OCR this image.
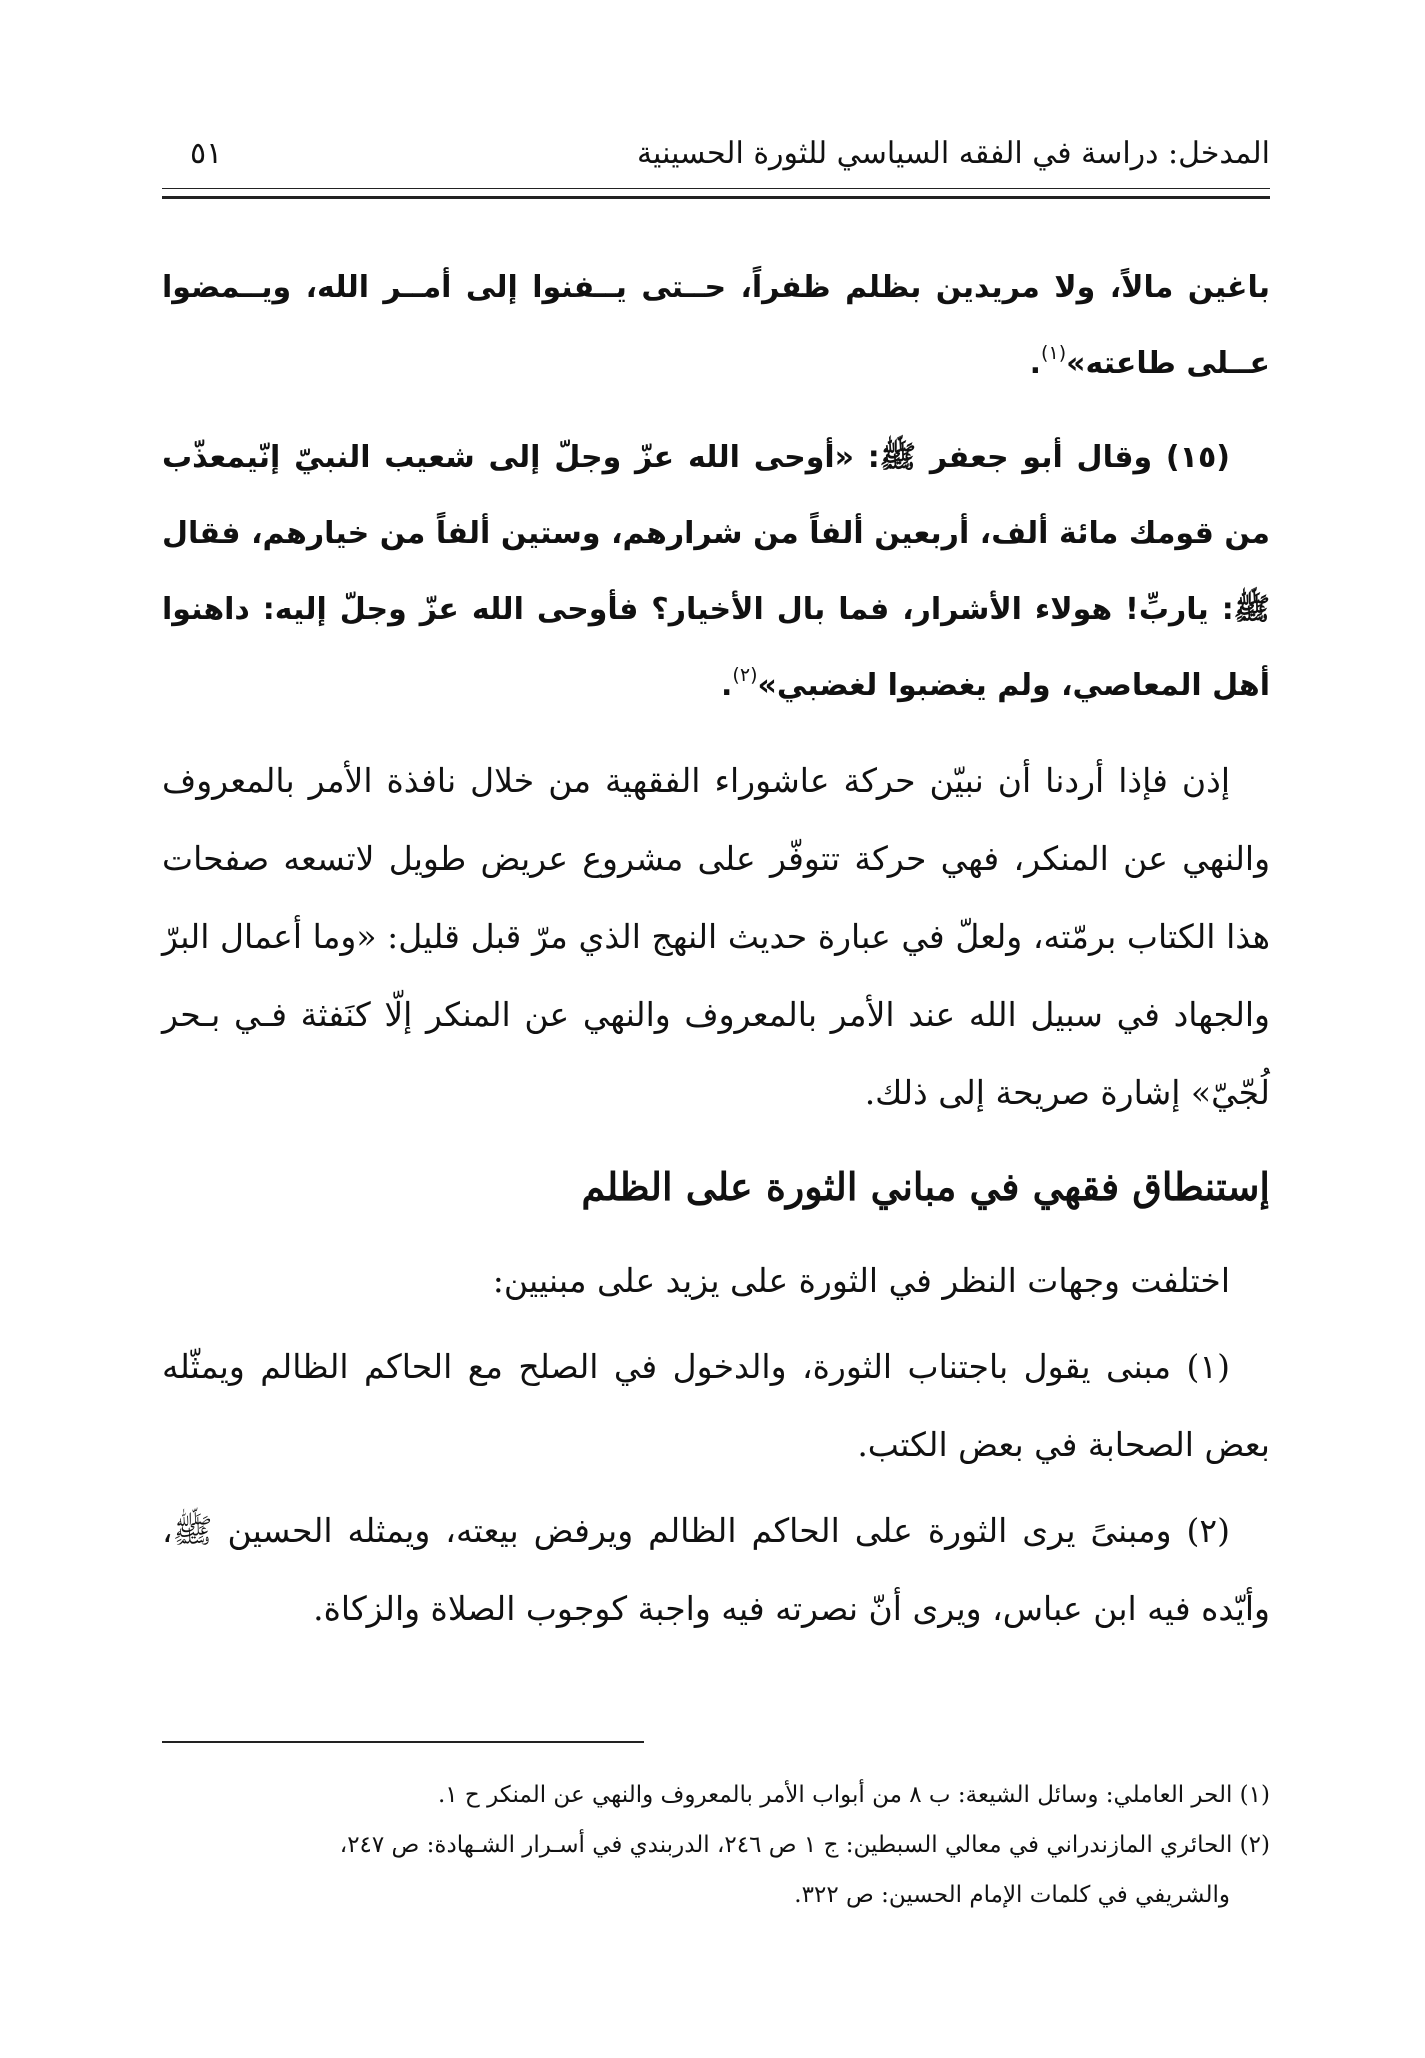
المدخل: دراسة في الفقه السياسي للثورة الحسينية
٥١

باغين مالاً، ولا مريدين بظلم ظفراً، حــتى يــفنوا إلى أمــر الله، ويــمضوا عــلى طاعته»$^{(١)}$.

(١٥) وقال أبو جعفر ﷺ: «أوحى الله عزّ وجلّ إلى شعيب النبيّ إنّيمعذّب من قومك مائة ألف، أربعين ألفاً من شرارهم، وستين ألفاً من خيارهم، فقال ﷺ: ياربِّ! هولاء الأشرار، فما بال الأخيار؟ فأوحى الله عزّ وجلّ إليه: داهنوا أهل المعاصي، ولم يغضبوا لغضبي»$^{(٢)}$.

إذن فإذا أردنا أن نبيّن حركة عاشوراء الفقهية من خلال نافذة الأمر بالمعروف والنهي عن المنكر، فهي حركة تتوفّر على مشروع عريض طويل لاتسعه صفحات هذا الكتاب برمّته، ولعلّ في عبارة حديث النهج الذي مرّ قبل قليل: «وما أعمال البرّ والجهاد في سبيل الله عند الأمر بالمعروف والنهي عن المنكر إلّا كنَفثة فـي بـحر لُجّيّ» إشارة صريحة إلى ذلك.

إستنطاق فقهي في مباني الثورة على الظلم

اختلفت وجهات النظر في الثورة على يزيد على مبنيين:

(١) مبنى يقول باجتناب الثورة، والدخول في الصلح مع الحاكم الظالم ويمثّله بعض الصحابة في بعض الكتب.

(٢) ومبنىً يرى الثورة على الحاكم الظالم ويرفض بيعته، ويمثله الحسين ﷺ، وأيّده فيه ابن عباس، ويرى أنّ نصرته فيه واجبة كوجوب الصلاة والزكاة.

(١) الحر العاملي: وسائل الشيعة: ب ٨ من أبواب الأمر بالمعروف والنهي عن المنكر ح ١.

(٢) الحائري المازندراني في معالي السبطين: ج ١ ص ٢٤٦، الدربندي في أسـرار الشـهادة: ص ٢٤٧،

والشريفي في كلمات الإمام الحسين: ص ٣٢٢.
